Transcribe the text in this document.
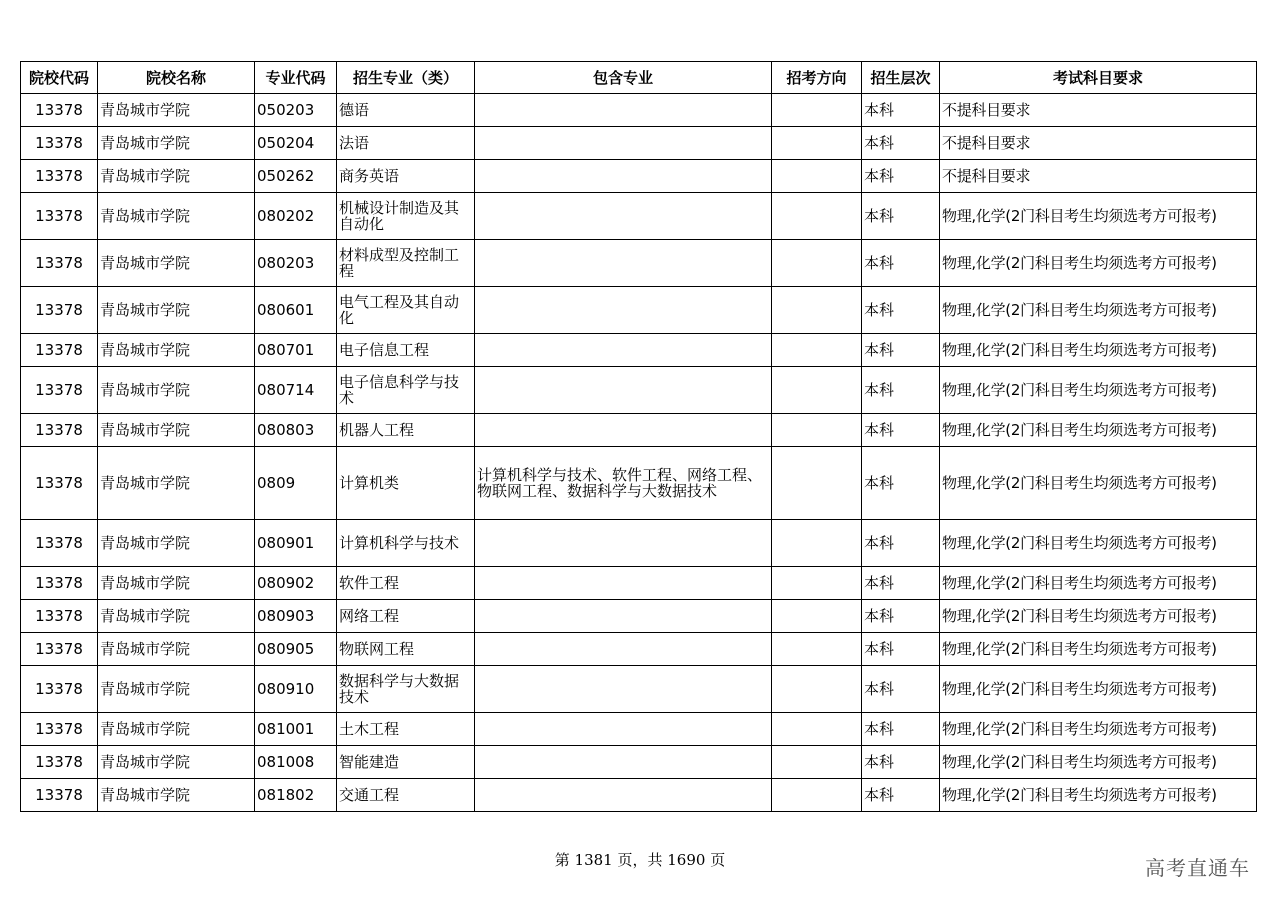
院校代码	院校名称	专业代码	招生专业（类）	包含专业	招考方向	招生层次	考试科目要求
13378	青岛城市学院	050203	德语			本科	不提科目要求
13378	青岛城市学院	050204	法语			本科	不提科目要求
13378	青岛城市学院	050262	商务英语			本科	不提科目要求
13378	青岛城市学院	080202	机械设计制造及其自动化			本科	物理,化学(2门科目考生均须选考方可报考)
13378	青岛城市学院	080203	材料成型及控制工程			本科	物理,化学(2门科目考生均须选考方可报考)
13378	青岛城市学院	080601	电气工程及其自动化			本科	物理,化学(2门科目考生均须选考方可报考)
13378	青岛城市学院	080701	电子信息工程			本科	物理,化学(2门科目考生均须选考方可报考)
13378	青岛城市学院	080714	电子信息科学与技术			本科	物理,化学(2门科目考生均须选考方可报考)
13378	青岛城市学院	080803	机器人工程			本科	物理,化学(2门科目考生均须选考方可报考)
13378	青岛城市学院	0809	计算机类	计算机科学与技术、软件工程、网络工程、物联网工程、数据科学与大数据技术		本科	物理,化学(2门科目考生均须选考方可报考)
13378	青岛城市学院	080901	计算机科学与技术			本科	物理,化学(2门科目考生均须选考方可报考)
13378	青岛城市学院	080902	软件工程			本科	物理,化学(2门科目考生均须选考方可报考)
13378	青岛城市学院	080903	网络工程			本科	物理,化学(2门科目考生均须选考方可报考)
13378	青岛城市学院	080905	物联网工程			本科	物理,化学(2门科目考生均须选考方可报考)
13378	青岛城市学院	080910	数据科学与大数据技术			本科	物理,化学(2门科目考生均须选考方可报考)
13378	青岛城市学院	081001	土木工程			本科	物理,化学(2门科目考生均须选考方可报考)
13378	青岛城市学院	081008	智能建造			本科	物理,化学(2门科目考生均须选考方可报考)
13378	青岛城市学院	081802	交通工程			本科	物理,化学(2门科目考生均须选考方可报考)
第 1381 页，共 1690 页	高考直通车
